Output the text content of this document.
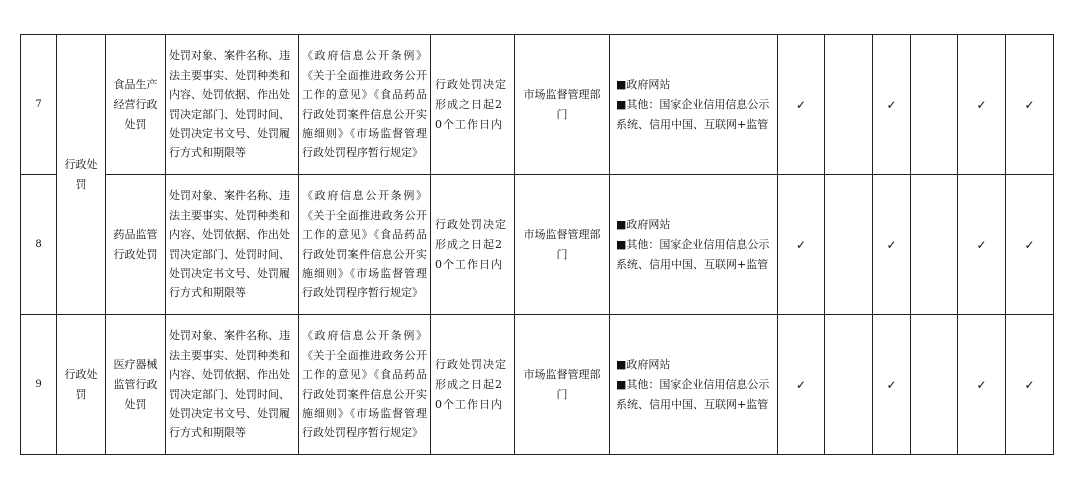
7	行政处罚	食品生产经营行政处罚	处罚对象、案件名称、违法主要事实、处罚种类和内容、处罚依据、作出处罚决定部门、处罚时间、处罚决定书文号、处罚履行方式和期限等	《政府信息公开条例》《关于全面推进政务公开工作的意见》《食品药品行政处罚案件信息公开实施细则》《市场监督管理行政处罚程序暂行规定》	行政处罚决定形成之日起20个工作日内	市场监督管理部门	■政府网站
■其他：国家企业信用信息公示系统、信用中国、互联网+监管	✓		✓		✓	✓
8		药品监管行政处罚	处罚对象、案件名称、违法主要事实、处罚种类和内容、处罚依据、作出处罚决定部门、处罚时间、处罚决定书文号、处罚履行方式和期限等	《政府信息公开条例》《关于全面推进政务公开工作的意见》《食品药品行政处罚案件信息公开实施细则》《市场监督管理行政处罚程序暂行规定》	行政处罚决定形成之日起20个工作日内	市场监督管理部门	■政府网站
■其他：国家企业信用信息公示系统、信用中国、互联网+监管	✓		✓		✓	✓
9	行政处罚	医疗器械监管行政处罚	处罚对象、案件名称、违法主要事实、处罚种类和内容、处罚依据、作出处罚决定部门、处罚时间、处罚决定书文号、处罚履行方式和期限等	《政府信息公开条例》《关于全面推进政务公开工作的意见》《食品药品行政处罚案件信息公开实施细则》《市场监督管理行政处罚程序暂行规定》	行政处罚决定形成之日起20个工作日内	市场监督管理部门	■政府网站
■其他：国家企业信用信息公示系统、信用中国、互联网+监管	✓		✓		✓	✓
